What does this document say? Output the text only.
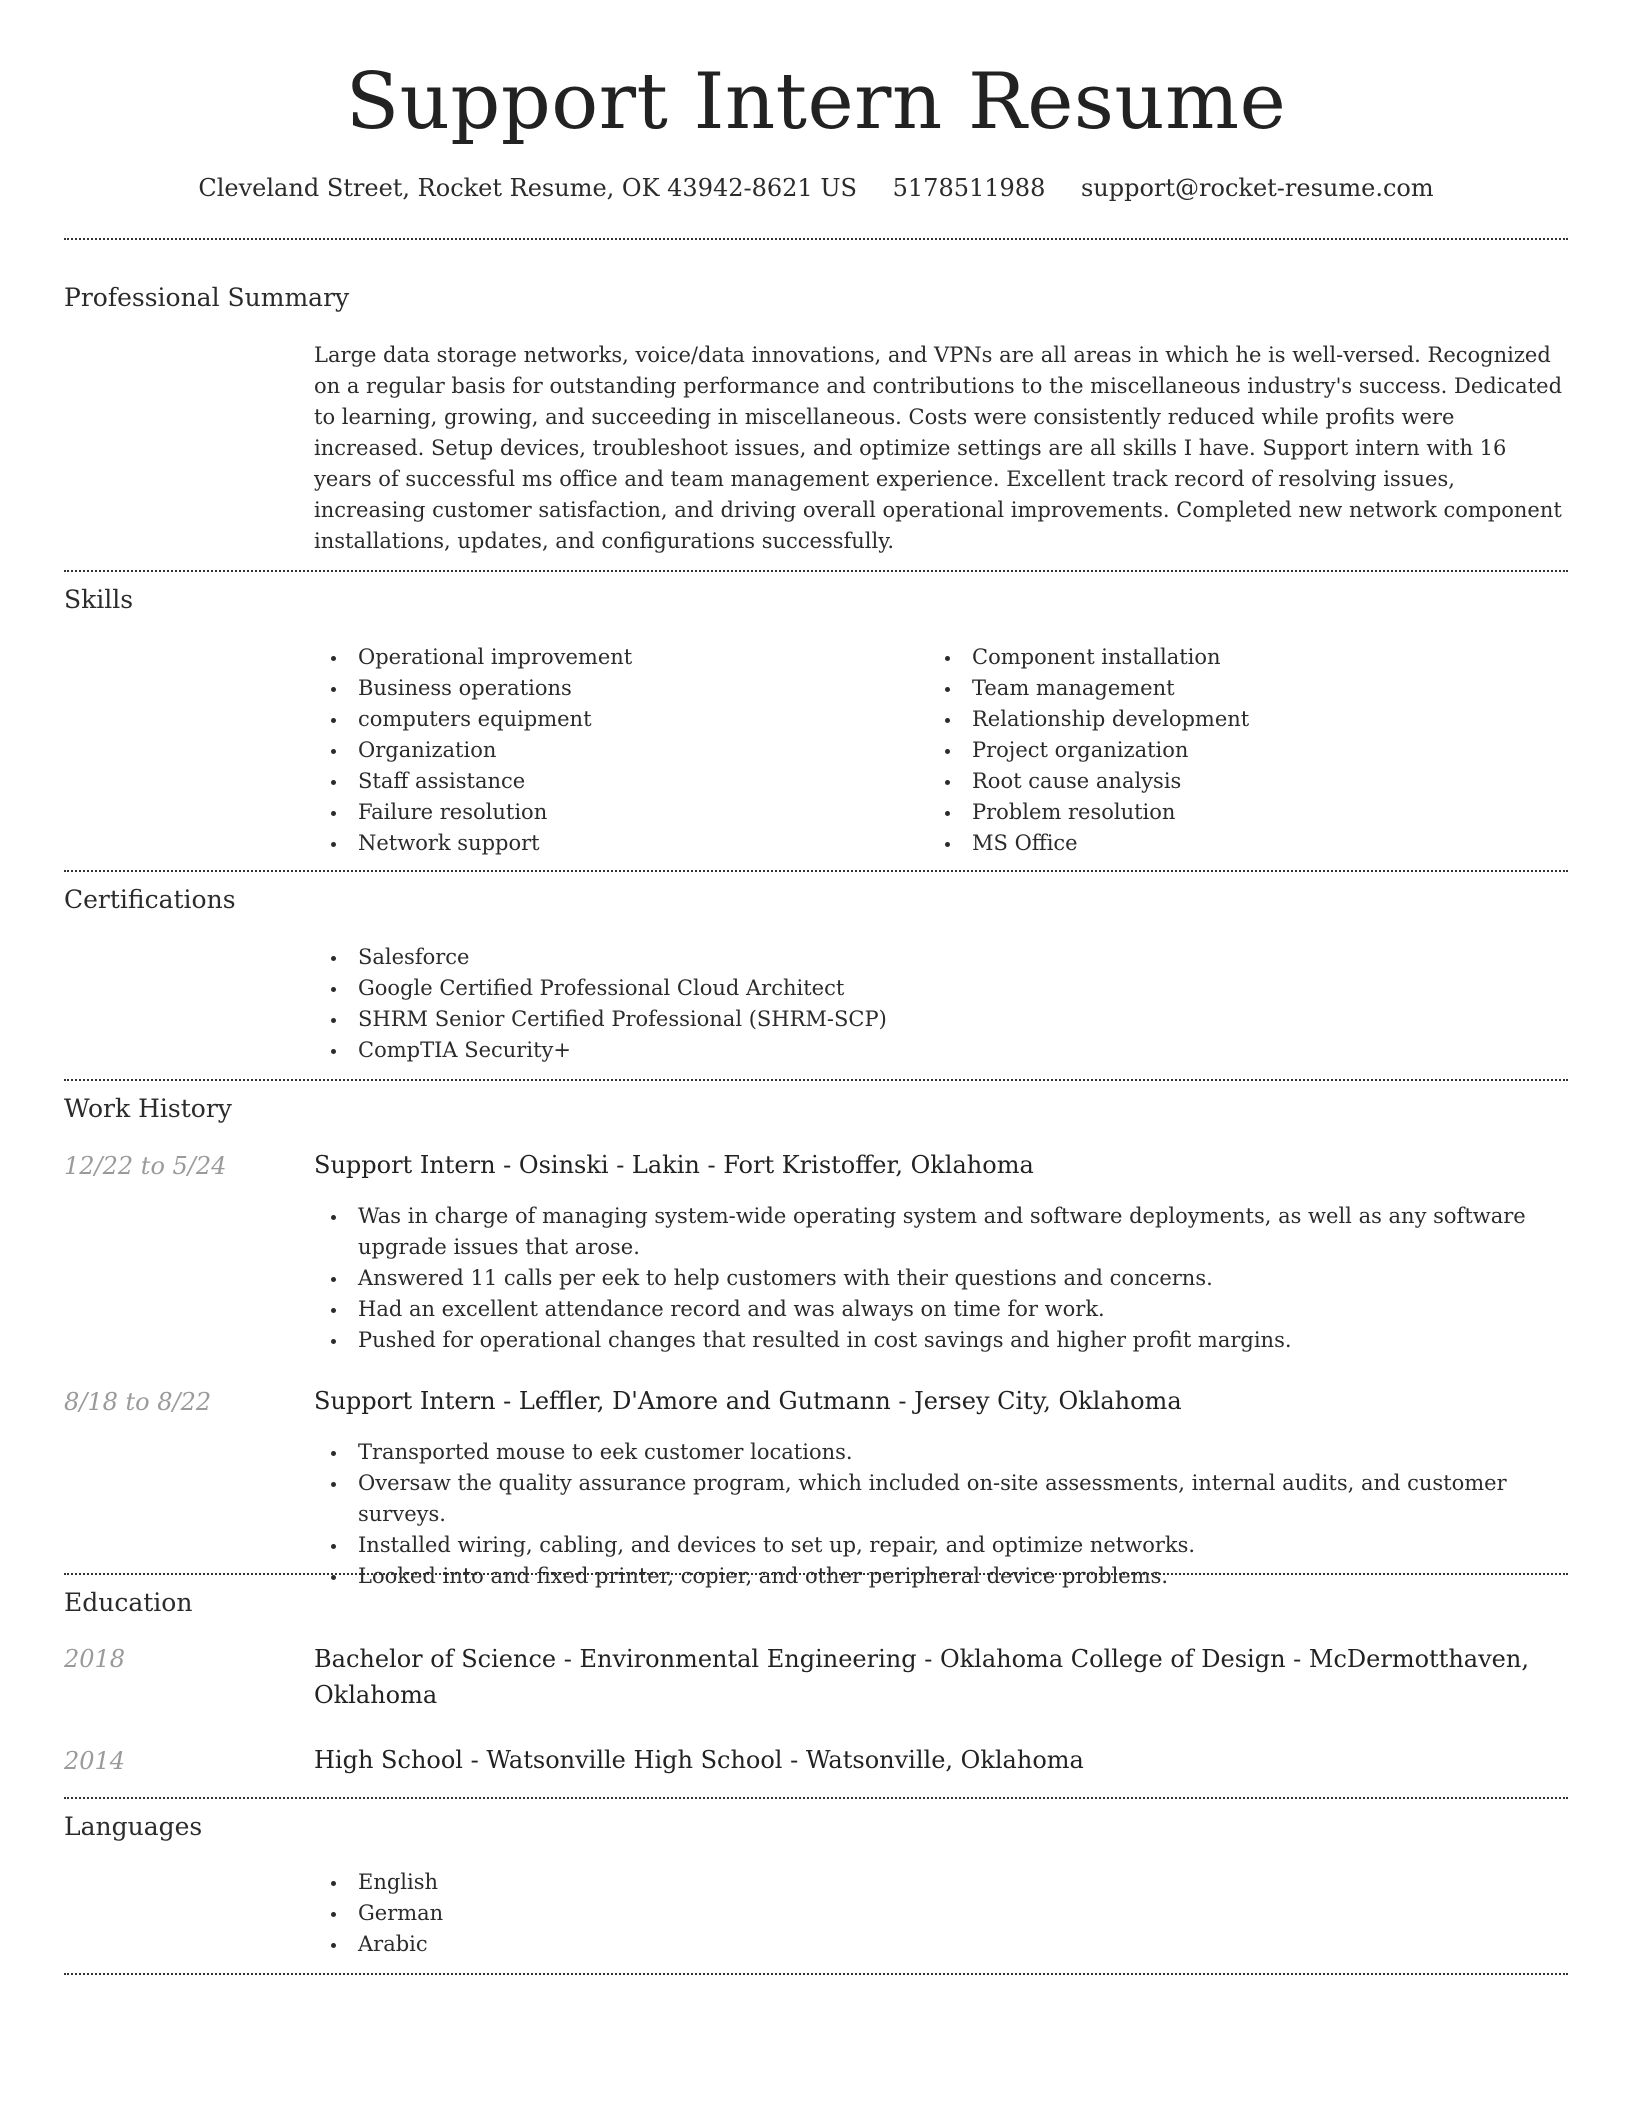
Support Intern Resume
Cleveland Street, Rocket Resume, OK 43942-8621 US 5178511988 support@rocket-resume.com
Professional Summary
Large data storage networks, voice/data innovations, and VPNs are all areas in which he is well-versed. Recognized on a regular basis for outstanding performance and contributions to the miscellaneous industry's success. Dedicated to learning, growing, and succeeding in miscellaneous. Costs were consistently reduced while profits were increased. Setup devices, troubleshoot issues, and optimize settings are all skills I have. Support intern with 16 years of successful ms office and team management experience. Excellent track record of resolving issues, increasing customer satisfaction, and driving overall operational improvements. Completed new network component installations, updates, and configurations successfully.
Skills
Operational improvement
Business operations
computers equipment
Organization
Staff assistance
Failure resolution
Network support
Component installation
Team management
Relationship development
Project organization
Root cause analysis
Problem resolution
MS Office
Certifications
Salesforce
Google Certified Professional Cloud Architect
SHRM Senior Certified Professional (SHRM-SCP)
CompTIA Security+
Work History
12/22 to 5/24	Support Intern - Osinski - Lakin - Fort Kristoffer, Oklahoma
Was in charge of managing system-wide operating system and software deployments, as well as any software upgrade issues that arose.
Answered 11 calls per eek to help customers with their questions and concerns.
Had an excellent attendance record and was always on time for work.
Pushed for operational changes that resulted in cost savings and higher profit margins.
8/18 to 8/22	Support Intern - Leffler, D'Amore and Gutmann - Jersey City, Oklahoma
Transported mouse to eek customer locations.
Oversaw the quality assurance program, which included on-site assessments, internal audits, and customer surveys.
Installed wiring, cabling, and devices to set up, repair, and optimize networks.
Looked into and fixed printer, copier, and other peripheral device problems.
Education
2018	Bachelor of Science - Environmental Engineering - Oklahoma College of Design - McDermotthaven, Oklahoma
2014	High School - Watsonville High School - Watsonville, Oklahoma
Languages
English
German
Arabic
